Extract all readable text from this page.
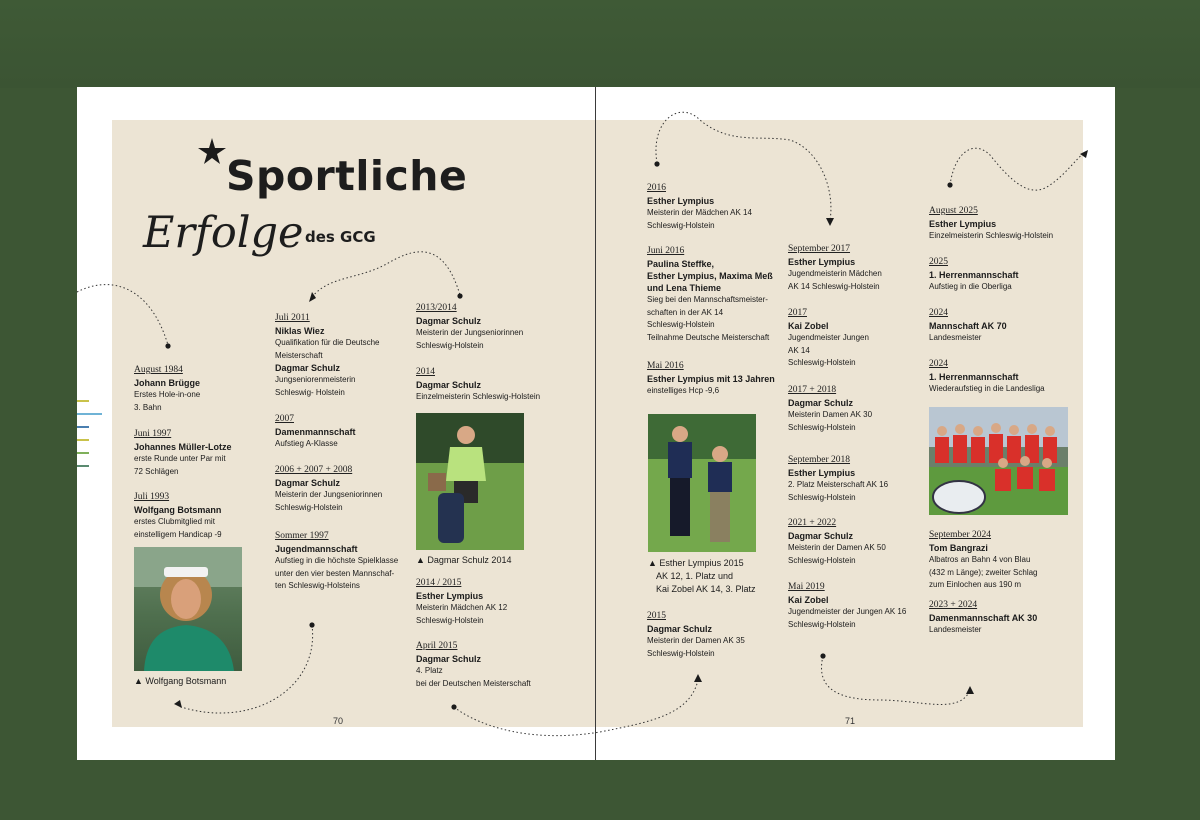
Sportliche
Erfolge des GCG
August 1984
Johann Brügge
Erstes Hole-in-one
3. Bahn
Juni 1997
Johannes Müller-Lotze
erste Runde unter Par mit
72 Schlägen
Juli 1993
Wolfgang Botsmann
erstes Clubmitglied mit
einstelligem Handicap -9
▲ Wolfgang Botsmann
Juli 2011
Niklas Wiez
Qualifikation für die Deutsche
Meisterschaft
Dagmar Schulz
Jungseniorenmeisterin
Schleswig- Holstein
2007
Damenmannschaft
Aufstieg A-Klasse
2006 + 2007 + 2008
Dagmar Schulz
Meisterin der Jungseniorinnen
Schleswig-Holstein
Sommer 1997
Jugendmannschaft
Aufstieg in die höchste Spielklasse
unter den vier besten Mannschaf-
ten Schleswig-Holsteins
2013/2014
Dagmar Schulz
Meisterin der Jungseniorinnen
Schleswig-Holstein
2014
Dagmar Schulz
Einzelmeisterin Schleswig-Holstein
▲ Dagmar Schulz 2014
2014 / 2015
Esther Lympius
Meisterin Mädchen AK 12
Schleswig-Holstein
April 2015
Dagmar Schulz
4. Platz
bei der Deutschen Meisterschaft
70
2016
Esther Lympius
Meisterin der Mädchen AK 14
Schleswig-Holstein
Juni 2016
Paulina Steffke,
Esther Lympius, Maxima Meß
und Lena Thieme
Sieg bei den Mannschaftsmeister-
schaften in der AK 14
Schleswig-Holstein
Teilnahme Deutsche Meisterschaft
Mai 2016
Esther Lympius mit 13 Jahren
einstelliges Hcp -9,6
▲ Esther Lympius 2015
AK 12, 1. Platz und
Kai Zobel AK 14, 3. Platz
2015
Dagmar Schulz
Meisterin der Damen AK 35
Schleswig-Holstein
September 2017
Esther Lympius
Jugendmeisterin Mädchen
AK 14 Schleswig-Holstein
2017
Kai Zobel
Jugendmeister Jungen
AK 14
Schleswig-Holstein
2017 + 2018
Dagmar Schulz
Meisterin Damen AK 30
Schleswig-Holstein
September 2018
Esther Lympius
2. Platz Meisterschaft AK 16
Schleswig-Holstein
2021 + 2022
Dagmar Schulz
Meisterin der Damen AK 50
Schleswig-Holstein
Mai 2019
Kai Zobel
Jugendmeister der Jungen AK 16
Schleswig-Holstein
August 2025
Esther Lympius
Einzelmeisterin Schleswig-Holstein
2025
1. Herrenmannschaft
Aufstieg in die Oberliga
2024
Mannschaft AK 70
Landesmeister
2024
1. Herrenmannschaft
Wiederaufstieg in die Landesliga
September 2024
Tom Bangrazi
Albatros an Bahn 4 von Blau
(432 m Länge); zweiter Schlag
zum Einlochen aus 190 m
2023 + 2024
Damenmannschaft AK 30
Landesmeister
71
